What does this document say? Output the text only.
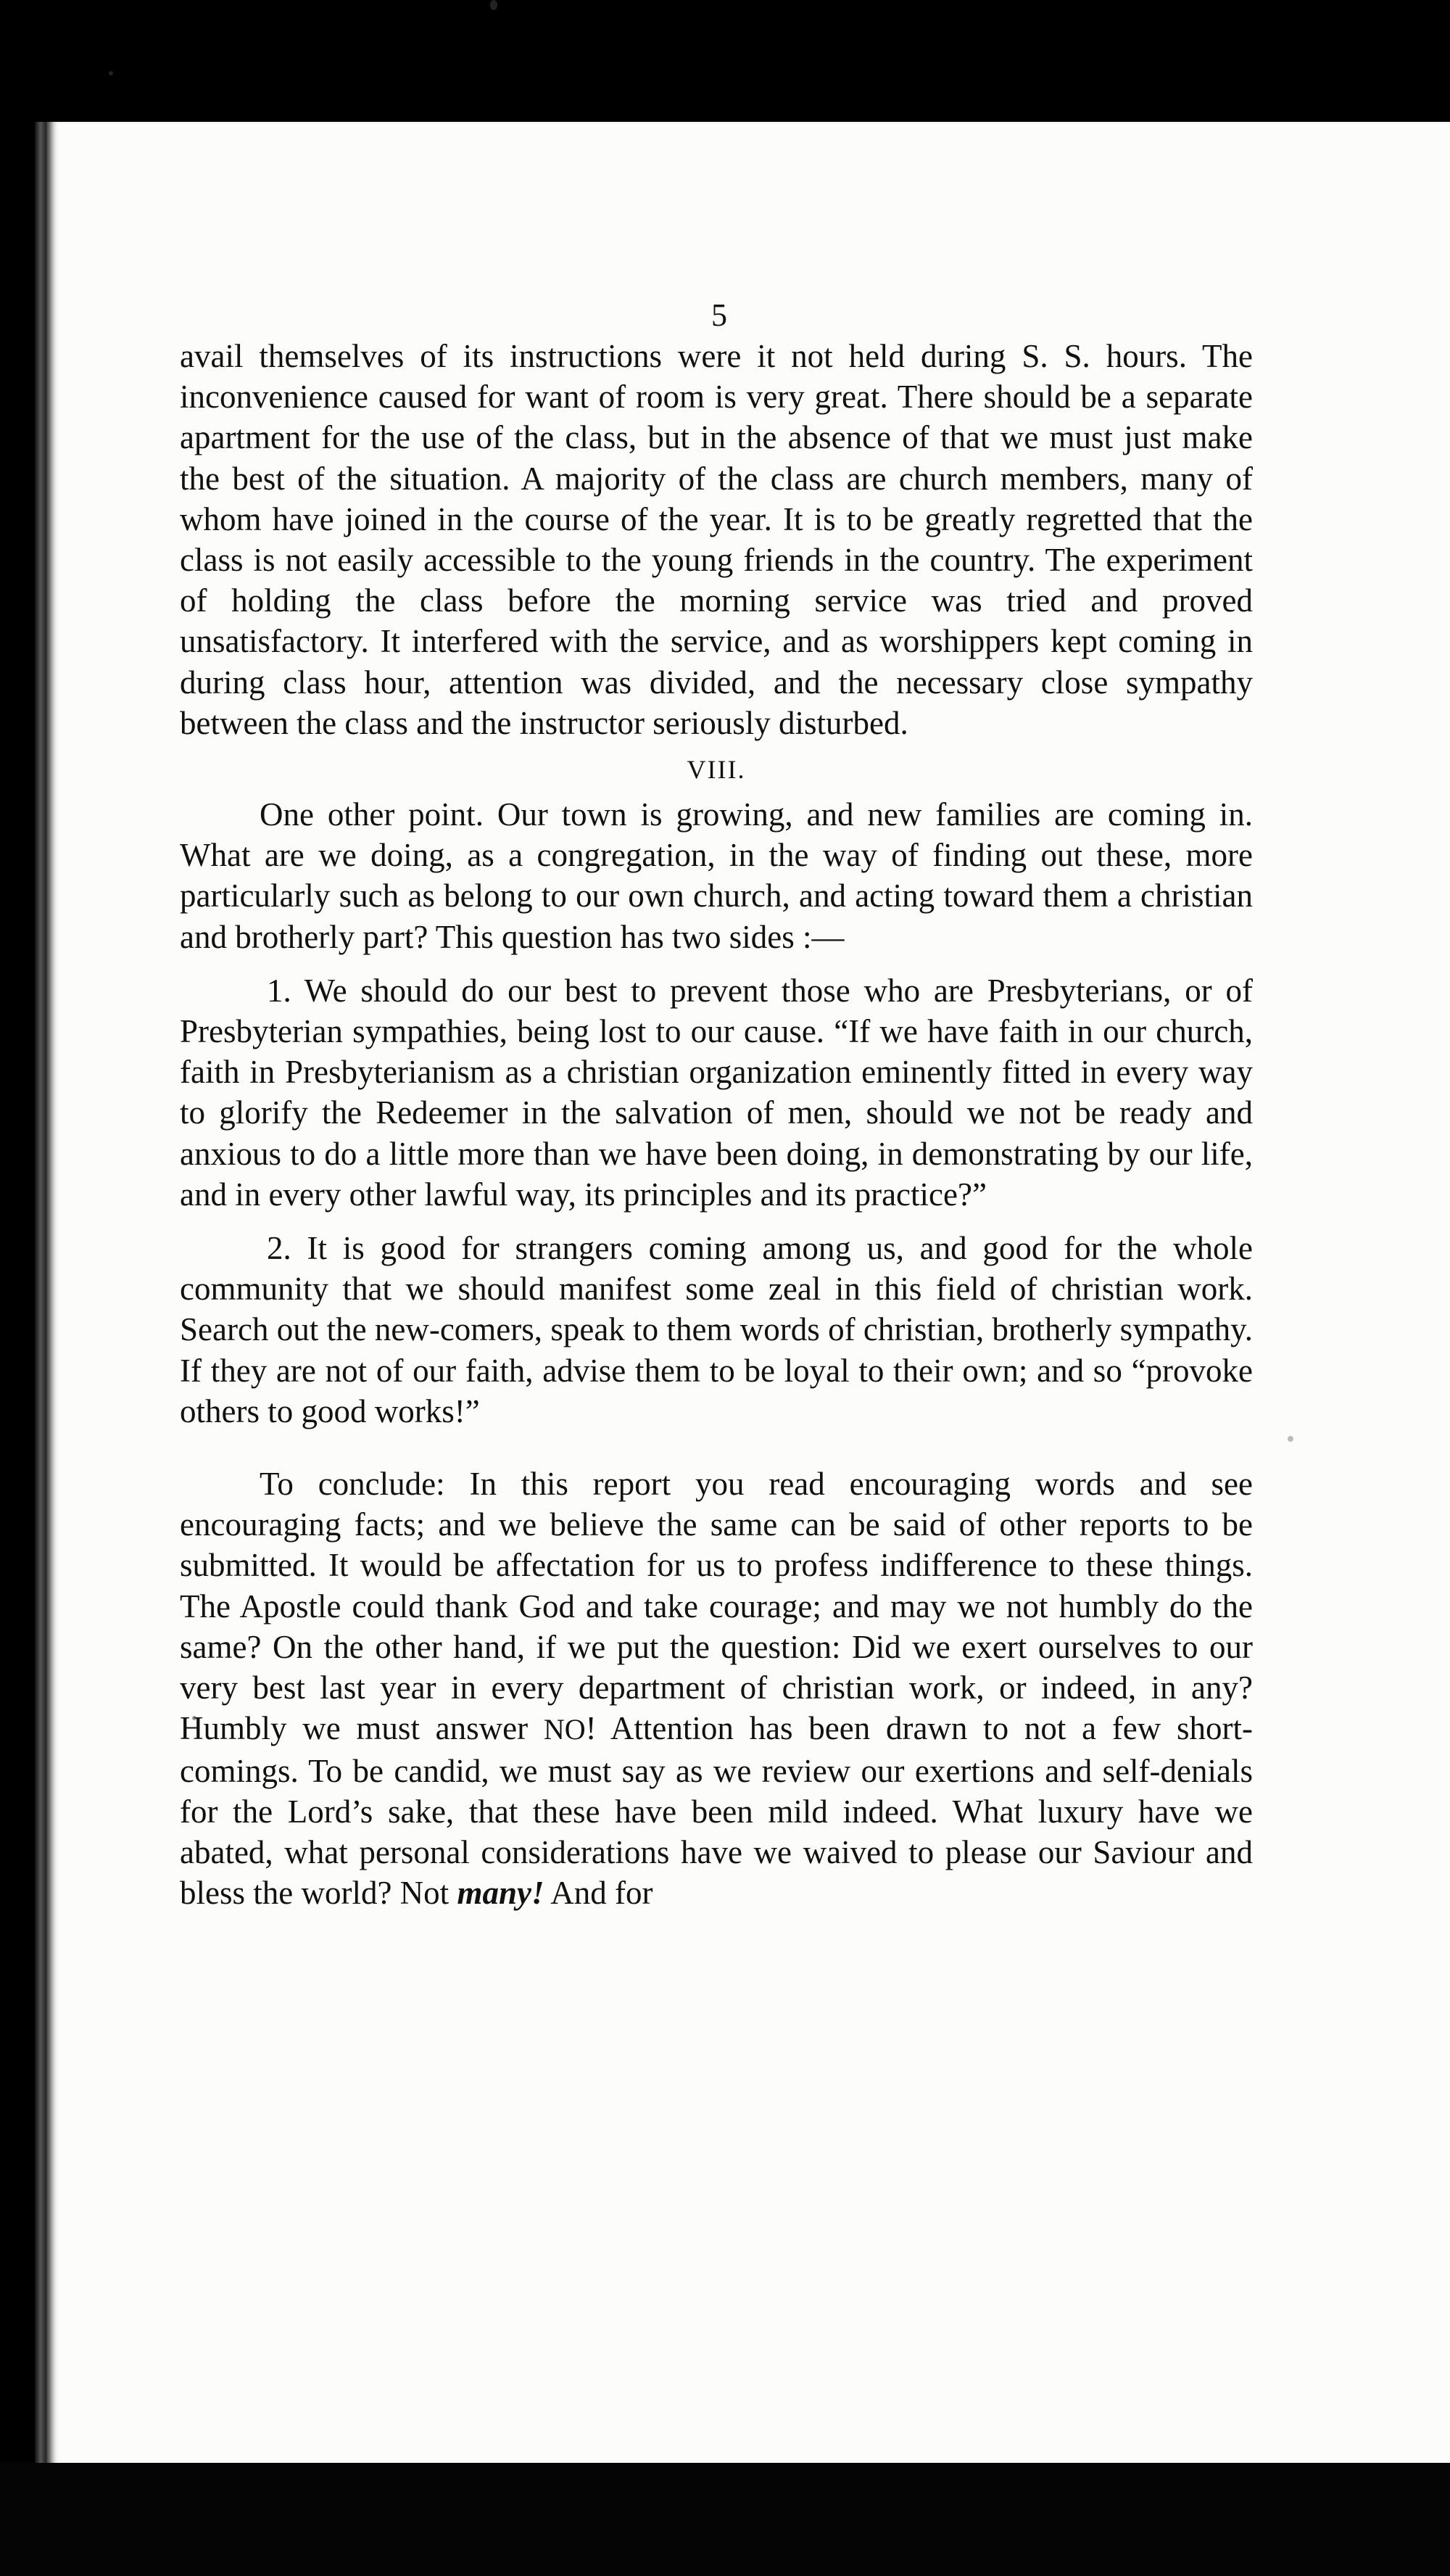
5

avail themselves of its instructions were it not held during S. S. hours. The inconvenience caused for want of room is very great. There should be a separate apartment for the use of the class, but in the absence of that we must just make the best of the situation. A majority of the class are church members, many of whom have joined in the course of the year. It is to be greatly regretted that the class is not easily accessible to the young friends in the country. The experiment of holding the class before the morning service was tried and proved unsatisfactory. It interfered with the service, and as worshippers kept coming in during class hour, attention was divided, and the necessary close sympathy between the class and the instructor seriously disturbed.

VIII.

One other point. Our town is growing, and new families are coming in. What are we doing, as a congregation, in the way of finding out these, more particularly such as belong to our own church, and acting toward them a christian and brotherly part? This question has two sides :—

1. We should do our best to prevent those who are Presbyterians, or of Presbyterian sympathies, being lost to our cause. “If we have faith in our church, faith in Presbyterianism as a christian organization eminently fitted in every way to glorify the Redeemer in the salvation of men, should we not be ready and anxious to do a little more than we have been doing, in demonstrating by our life, and in every other lawful way, its principles and its practice?”

2. It is good for strangers coming among us, and good for the whole community that we should manifest some zeal in this field of christian work. Search out the new-comers, speak to them words of christian, brotherly sympathy. If they are not of our faith, advise them to be loyal to their own; and so “provoke others to good works!”

To conclude: In this report you read encouraging words and see encouraging facts; and we believe the same can be said of other reports to be submitted. It would be affectation for us to profess indifference to these things. The Apostle could thank God and take courage; and may we not humbly do the same? On the other hand, if we put the question: Did we exert ourselves to our very best last year in every department of christian work, or indeed, in any? Humbly we must answer NO! Attention has been drawn to not a few short-comings. To be candid, we must say as we review our exertions and self-denials for the Lord’s sake, that these have been mild indeed. What luxury have we abated, what personal considerations have we waived to please our Saviour and bless the world? Not many! And for
